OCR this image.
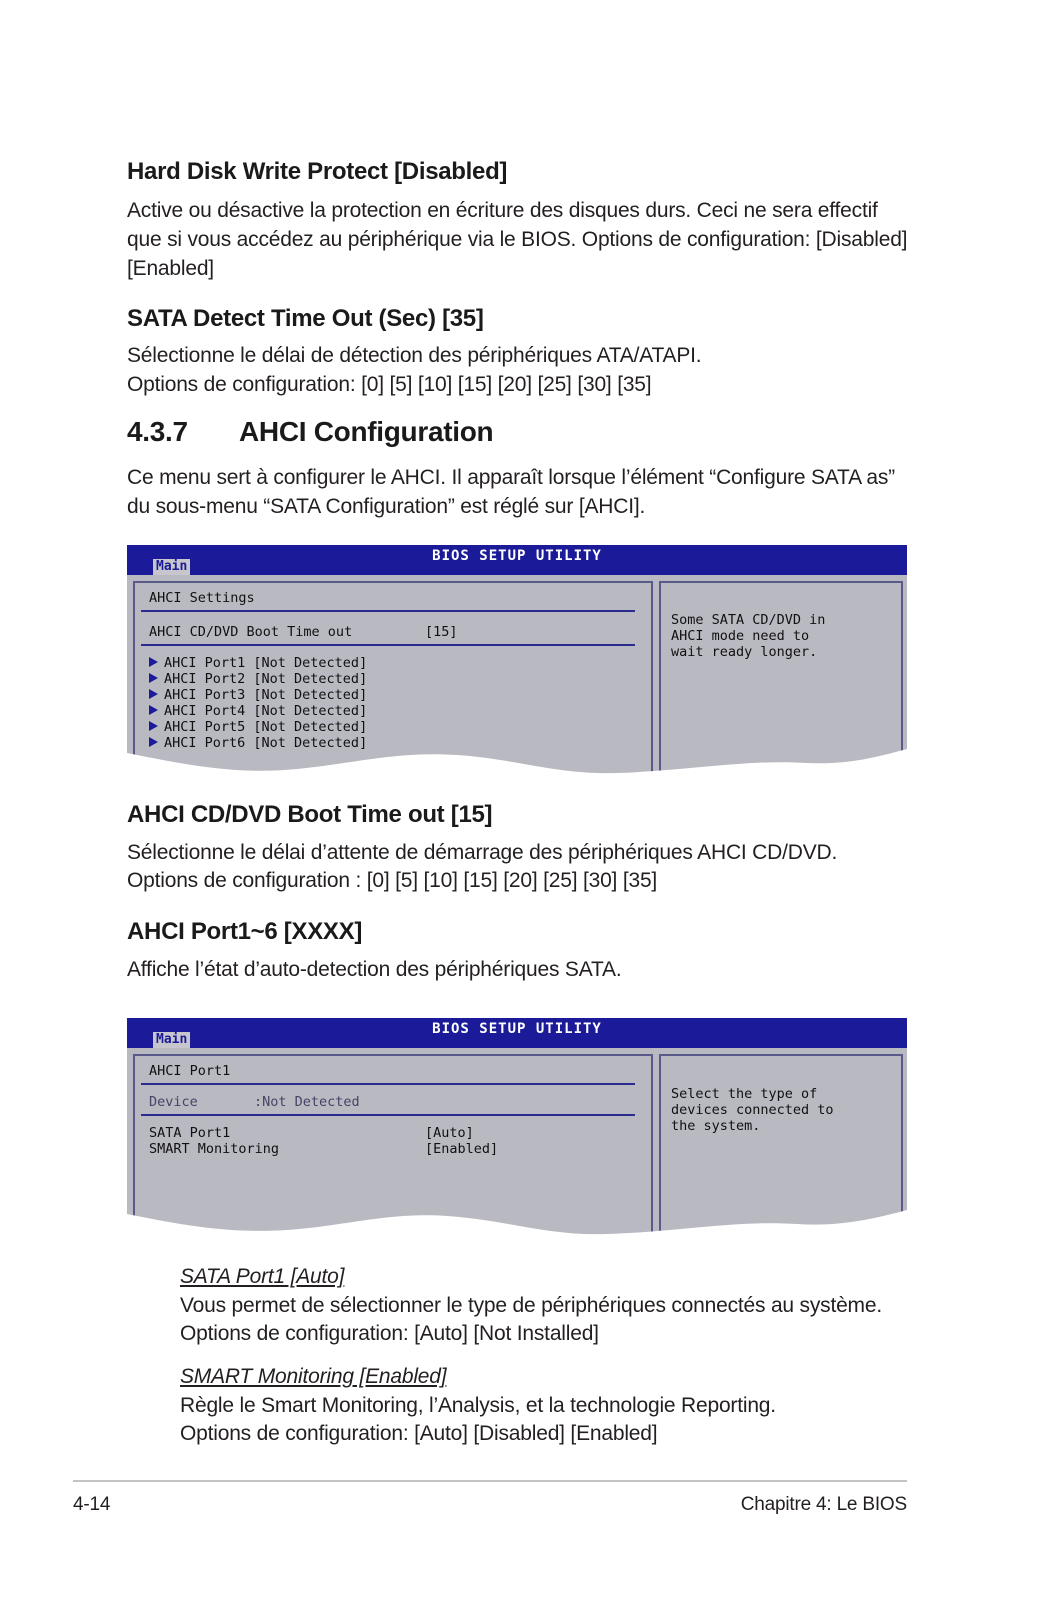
Hard Disk Write Protect [Disabled]

Active ou désactive la protection en écriture des disques durs. Ceci ne sera effectif que si vous accédez au périphérique via le BIOS. Options de configuration: [Disabled] [Enabled]

SATA Detect Time Out (Sec) [35]

Sélectionne le délai de détection des périphériques ATA/ATAPI.

Options de configuration: [0] [5] [10] [15] [20] [25] [30] [35]

4.3.7 AHCI Configuration

Ce menu sert à configurer le AHCI. Il apparaît lorsque l’élément “Configure SATA as” du sous-menu “SATA Configuration” est réglé sur [AHCI].

BIOS SETUP UTILITY
Main
AHCI Settings
AHCI CD/DVD Boot Time out	[15]
AHCI Port1 [Not Detected]
AHCI Port2 [Not Detected]
AHCI Port3 [Not Detected]
AHCI Port4 [Not Detected]
AHCI Port5 [Not Detected]
AHCI Port6 [Not Detected]
Some SATA CD/DVD in
AHCI mode need to
wait ready longer.
AHCI CD/DVD Boot Time out [15]

Sélectionne le délai d’attente de démarrage des périphériques AHCI CD/DVD.

Options de configuration : [0] [5] [10] [15] [20] [25] [30] [35]

AHCI Port1~6 [XXXX]

Affiche l’état d’auto-detection des périphériques SATA.

BIOS SETUP UTILITY
Main
AHCI Port1
Device	:Not Detected
SATA Port1	[Auto]
SMART Monitoring	[Enabled]
Select the type of
devices connected to
the system.

SATA Port1 [Auto]

Vous permet de sélectionner le type de périphériques connectés au système.

Options de configuration: [Auto] [Not Installed]

SMART Monitoring [Enabled]

Règle le Smart Monitoring, l’Analysis, et la technologie Reporting.

Options de configuration: [Auto] [Disabled] [Enabled]

4-14	Chapitre 4: Le BIOS
